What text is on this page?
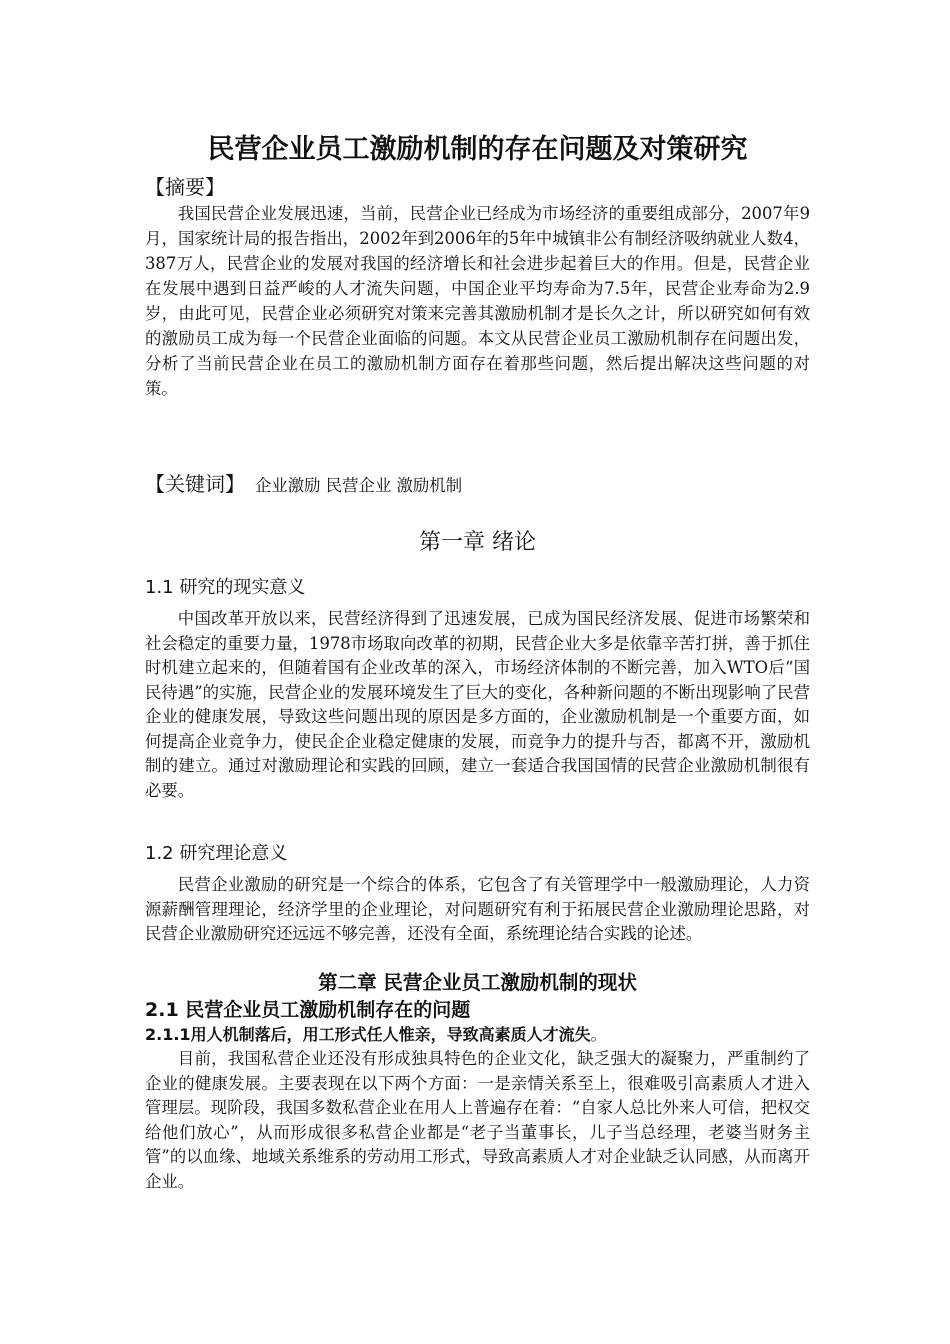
民营企业员工激励机制的存在问题及对策研究
【摘要】
我国民营企业发展迅速，当前，民营企业已经成为市场经济的重要组成部分，2007年9月，国家统计局的报告指出，2002年到2006年的5年中城镇非公有制经济吸纳就业人数4，387万人，民营企业的发展对我国的经济增长和社会进步起着巨大的作用。但是，民营企业在发展中遇到日益严峻的人才流失问题，中国企业平均寿命为7.5年，民营企业寿命为2.9岁，由此可见，民营企业必须研究对策来完善其激励机制才是长久之计，所以研究如何有效的激励员工成为每一个民营企业面临的问题。本文从民营企业员工激励机制存在问题出发，分析了当前民营企业在员工的激励机制方面存在着那些问题，然后提出解决这些问题的对策。
【关键词】 企业激励 民营企业 激励机制
第一章 绪论
1.1 研究的现实意义
中国改革开放以来，民营经济得到了迅速发展，已成为国民经济发展、促进市场繁荣和社会稳定的重要力量，1978市场取向改革的初期，民营企业大多是依靠辛苦打拼，善于抓住时机建立起来的，但随着国有企业改革的深入，市场经济体制的不断完善，加入WTO后“国民待遇”的实施，民营企业的发展环境发生了巨大的变化，各种新问题的不断出现影响了民营企业的健康发展，导致这些问题出现的原因是多方面的，企业激励机制是一个重要方面，如何提高企业竞争力，使民企企业稳定健康的发展，而竞争力的提升与否，都离不开，激励机制的建立。通过对激励理论和实践的回顾，建立一套适合我国国情的民营企业激励机制很有必要。
1.2 研究理论意义
民营企业激励的研究是一个综合的体系，它包含了有关管理学中一般激励理论，人力资源薪酬管理理论，经济学里的企业理论，对问题研究有利于拓展民营企业激励理论思路，对民营企业激励研究还远远不够完善，还没有全面，系统理论结合实践的论述。
第二章 民营企业员工激励机制的现状
2.1 民营企业员工激励机制存在的问题
2.1.1用人机制落后，用工形式任人惟亲，导致高素质人才流失。
目前，我国私营企业还没有形成独具特色的企业文化，缺乏强大的凝聚力，严重制约了企业的健康发展。主要表现在以下两个方面：一是亲情关系至上，很难吸引高素质人才进入管理层。现阶段，我国多数私营企业在用人上普遍存在着：“自家人总比外来人可信，把权交给他们放心”，从而形成很多私营企业都是“老子当董事长，儿子当总经理，老婆当财务主管”的以血缘、地域关系维系的劳动用工形式，导致高素质人才对企业缺乏认同感，从而离开企业。
